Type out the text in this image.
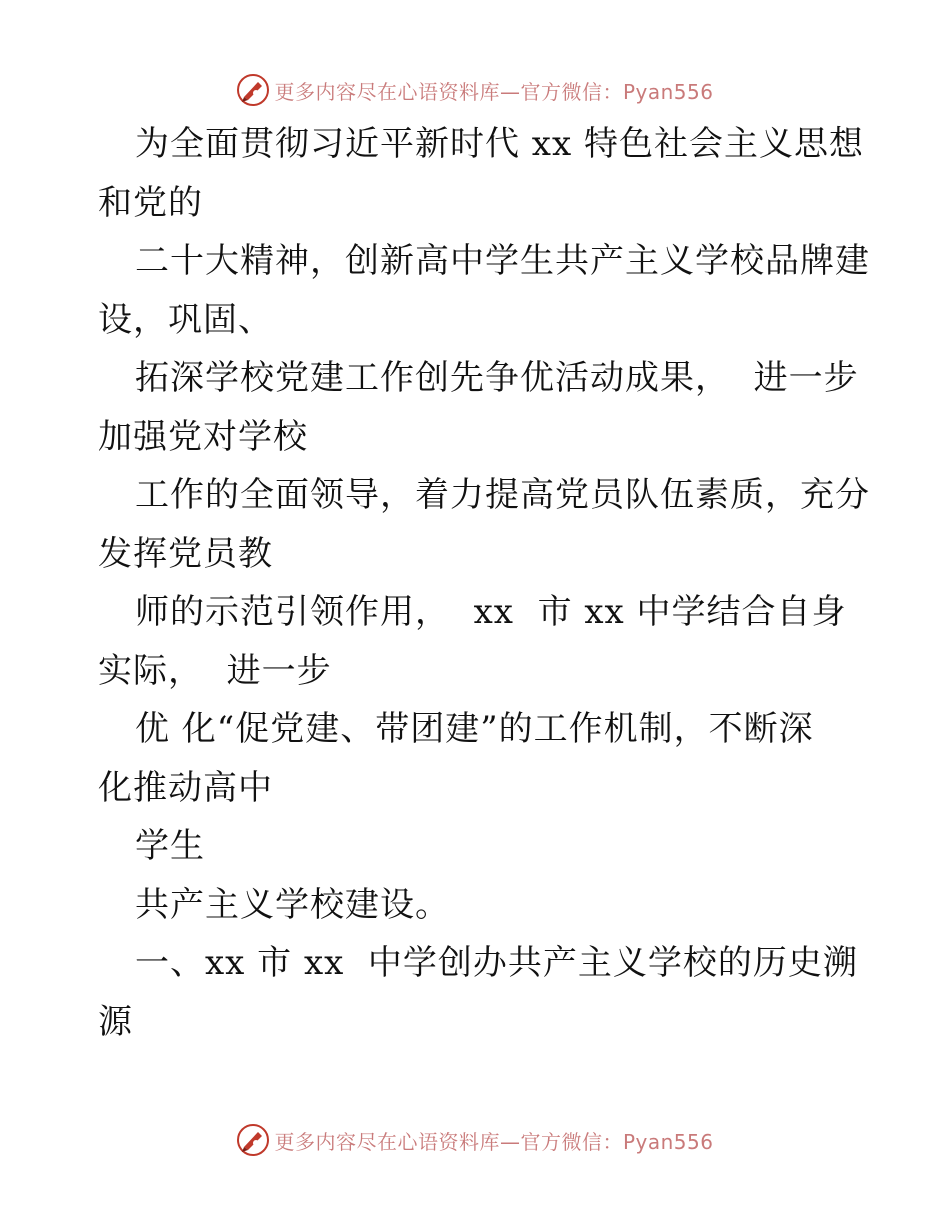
更多内容尽在心语资料库—官方微信：Pyan556
为全面贯彻习近平新时代 xx 特色社会主义思想
和党的
二十大精神，创新高中学生共产主义学校品牌建
设，巩固、
拓深学校党建工作创先争优活动成果，  进一步
加强党对学校
工作的全面领导，着力提高党员队伍素质，充分
发挥党员教
师的示范引领作用，  xx  市 xx 中学结合自身
实际，  进一步
优 化“促党建、带团建”的工作机制，不断深
化推动高中
学生
共产主义学校建设。
一、xx 市 xx  中学创办共产主义学校的历史溯
源
更多内容尽在心语资料库—官方微信：Pyan556
